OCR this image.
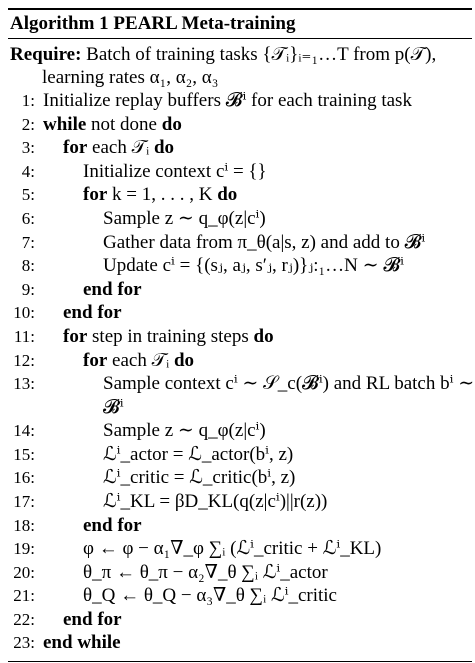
Algorithm 1 PEARL Meta-training
Require: Batch of training tasks {𝒯ᵢ}ᵢ₌₁…T from p(𝒯),
learning rates α₁, α₂, α₃
1: Initialize replay buffers 𝓑ⁱ for each training task
2: while not done do
3: for each 𝒯ᵢ do
4:	Initialize context cⁱ = {}
5:	for k = 1, . . . , K do
6:	Sample z ∼ q_φ(z|cⁱ)
7:	Gather data from π_θ(a|s, z) and add to 𝓑ⁱ
8:	Update cⁱ = {(sⱼ, aⱼ, s′ⱼ, rⱼ)}ⱼ:₁…N ∼ 𝓑ⁱ
9:	end for
10: end for
11: for step in training steps do
12:	for each 𝒯ᵢ do
13:	Sample context cⁱ ∼ 𝒮_c(𝓑ⁱ) and RL batch bⁱ ∼
𝓑ⁱ
14:	Sample z ∼ q_φ(z|cⁱ)
15:	ℒⁱ_actor = ℒ_actor(bⁱ, z)
16:	ℒⁱ_critic = ℒ_critic(bⁱ, z)
17:	ℒⁱ_KL = βD_KL(q(z|cⁱ)||r(z))
18:	end for
19:	φ ← φ − α₁∇_φ ∑ᵢ (ℒⁱ_critic + ℒⁱ_KL)
20:	θ_π ← θ_π − α₂∇_θ ∑ᵢ ℒⁱ_actor
21:	θ_Q ← θ_Q − α₃∇_θ ∑ᵢ ℒⁱ_critic
22: end for
23: end while
